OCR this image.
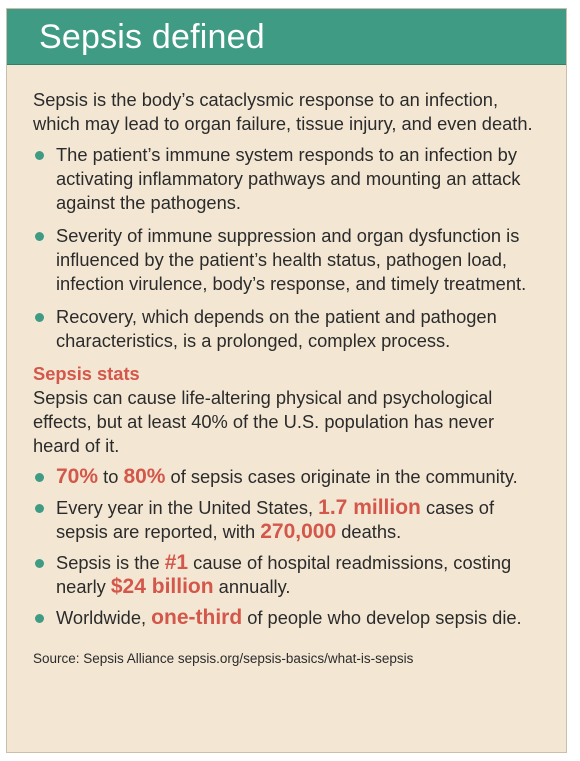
Sepsis defined

Sepsis is the body’s cataclysmic response to an infection, which may lead to organ failure, tissue injury, and even death.

The patient’s immune system responds to an infection by activating inflammatory pathways and mounting an attack against the pathogens.
Severity of immune suppression and organ dysfunction is influenced by the patient’s health status, pathogen load, infection virulence, body’s response, and timely treatment.
Recovery, which depends on the patient and pathogen characteristics, is a prolonged, complex process.

Sepsis stats

Sepsis can cause life-altering physical and psychological effects, but at least 40% of the U.S. population has never heard of it.

70% to 80% of sepsis cases originate in the community.
Every year in the United States, 1.7 million cases of sepsis are reported, with 270,000 deaths.
Sepsis is the #1 cause of hospital readmissions, costing nearly $24 billion annually.
Worldwide, one-third of people who develop sepsis die.

Source: Sepsis Alliance sepsis.org/sepsis-basics/what-is-sepsis
